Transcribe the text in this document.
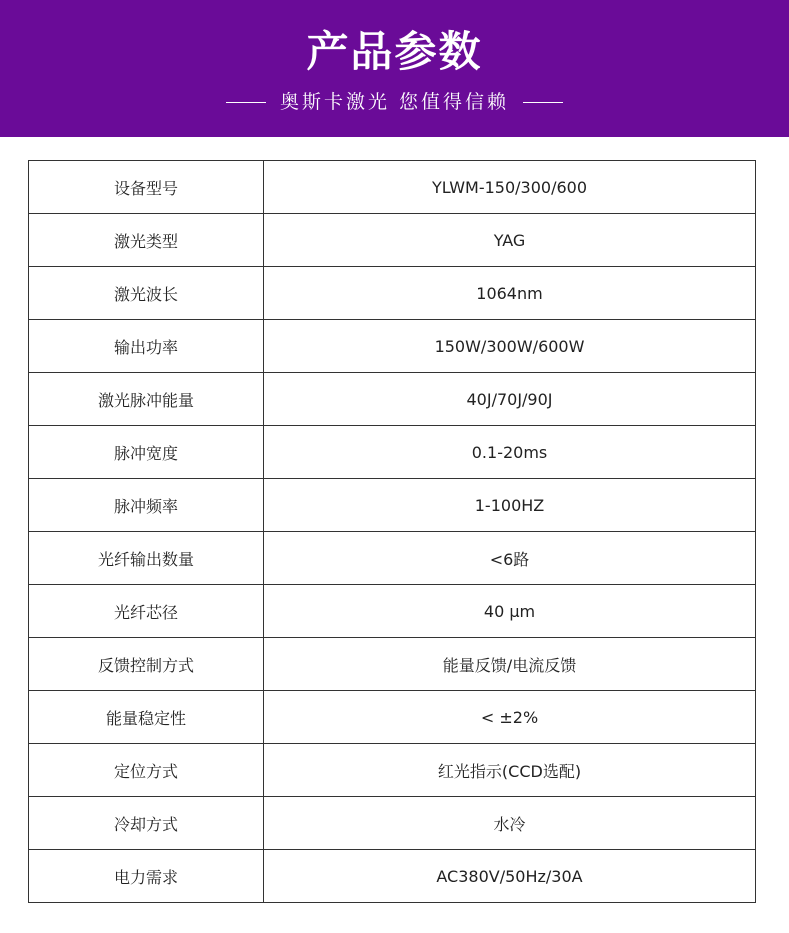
产品参数
奥斯卡激光 您值得信赖
设备型号	YLWM-150/300/600
激光类型	YAG
激光波长	1064nm
输出功率	150W/300W/600W
激光脉冲能量	40J/70J/90J
脉冲宽度	0.1-20ms
脉冲频率	1-100HZ
光纤输出数量	<6路
光纤芯径	40 μm
反馈控制方式	能量反馈/电流反馈
能量稳定性	< ±2%
定位方式	红光指示(CCD选配)
冷却方式	水冷
电力需求	AC380V/50Hz/30A
